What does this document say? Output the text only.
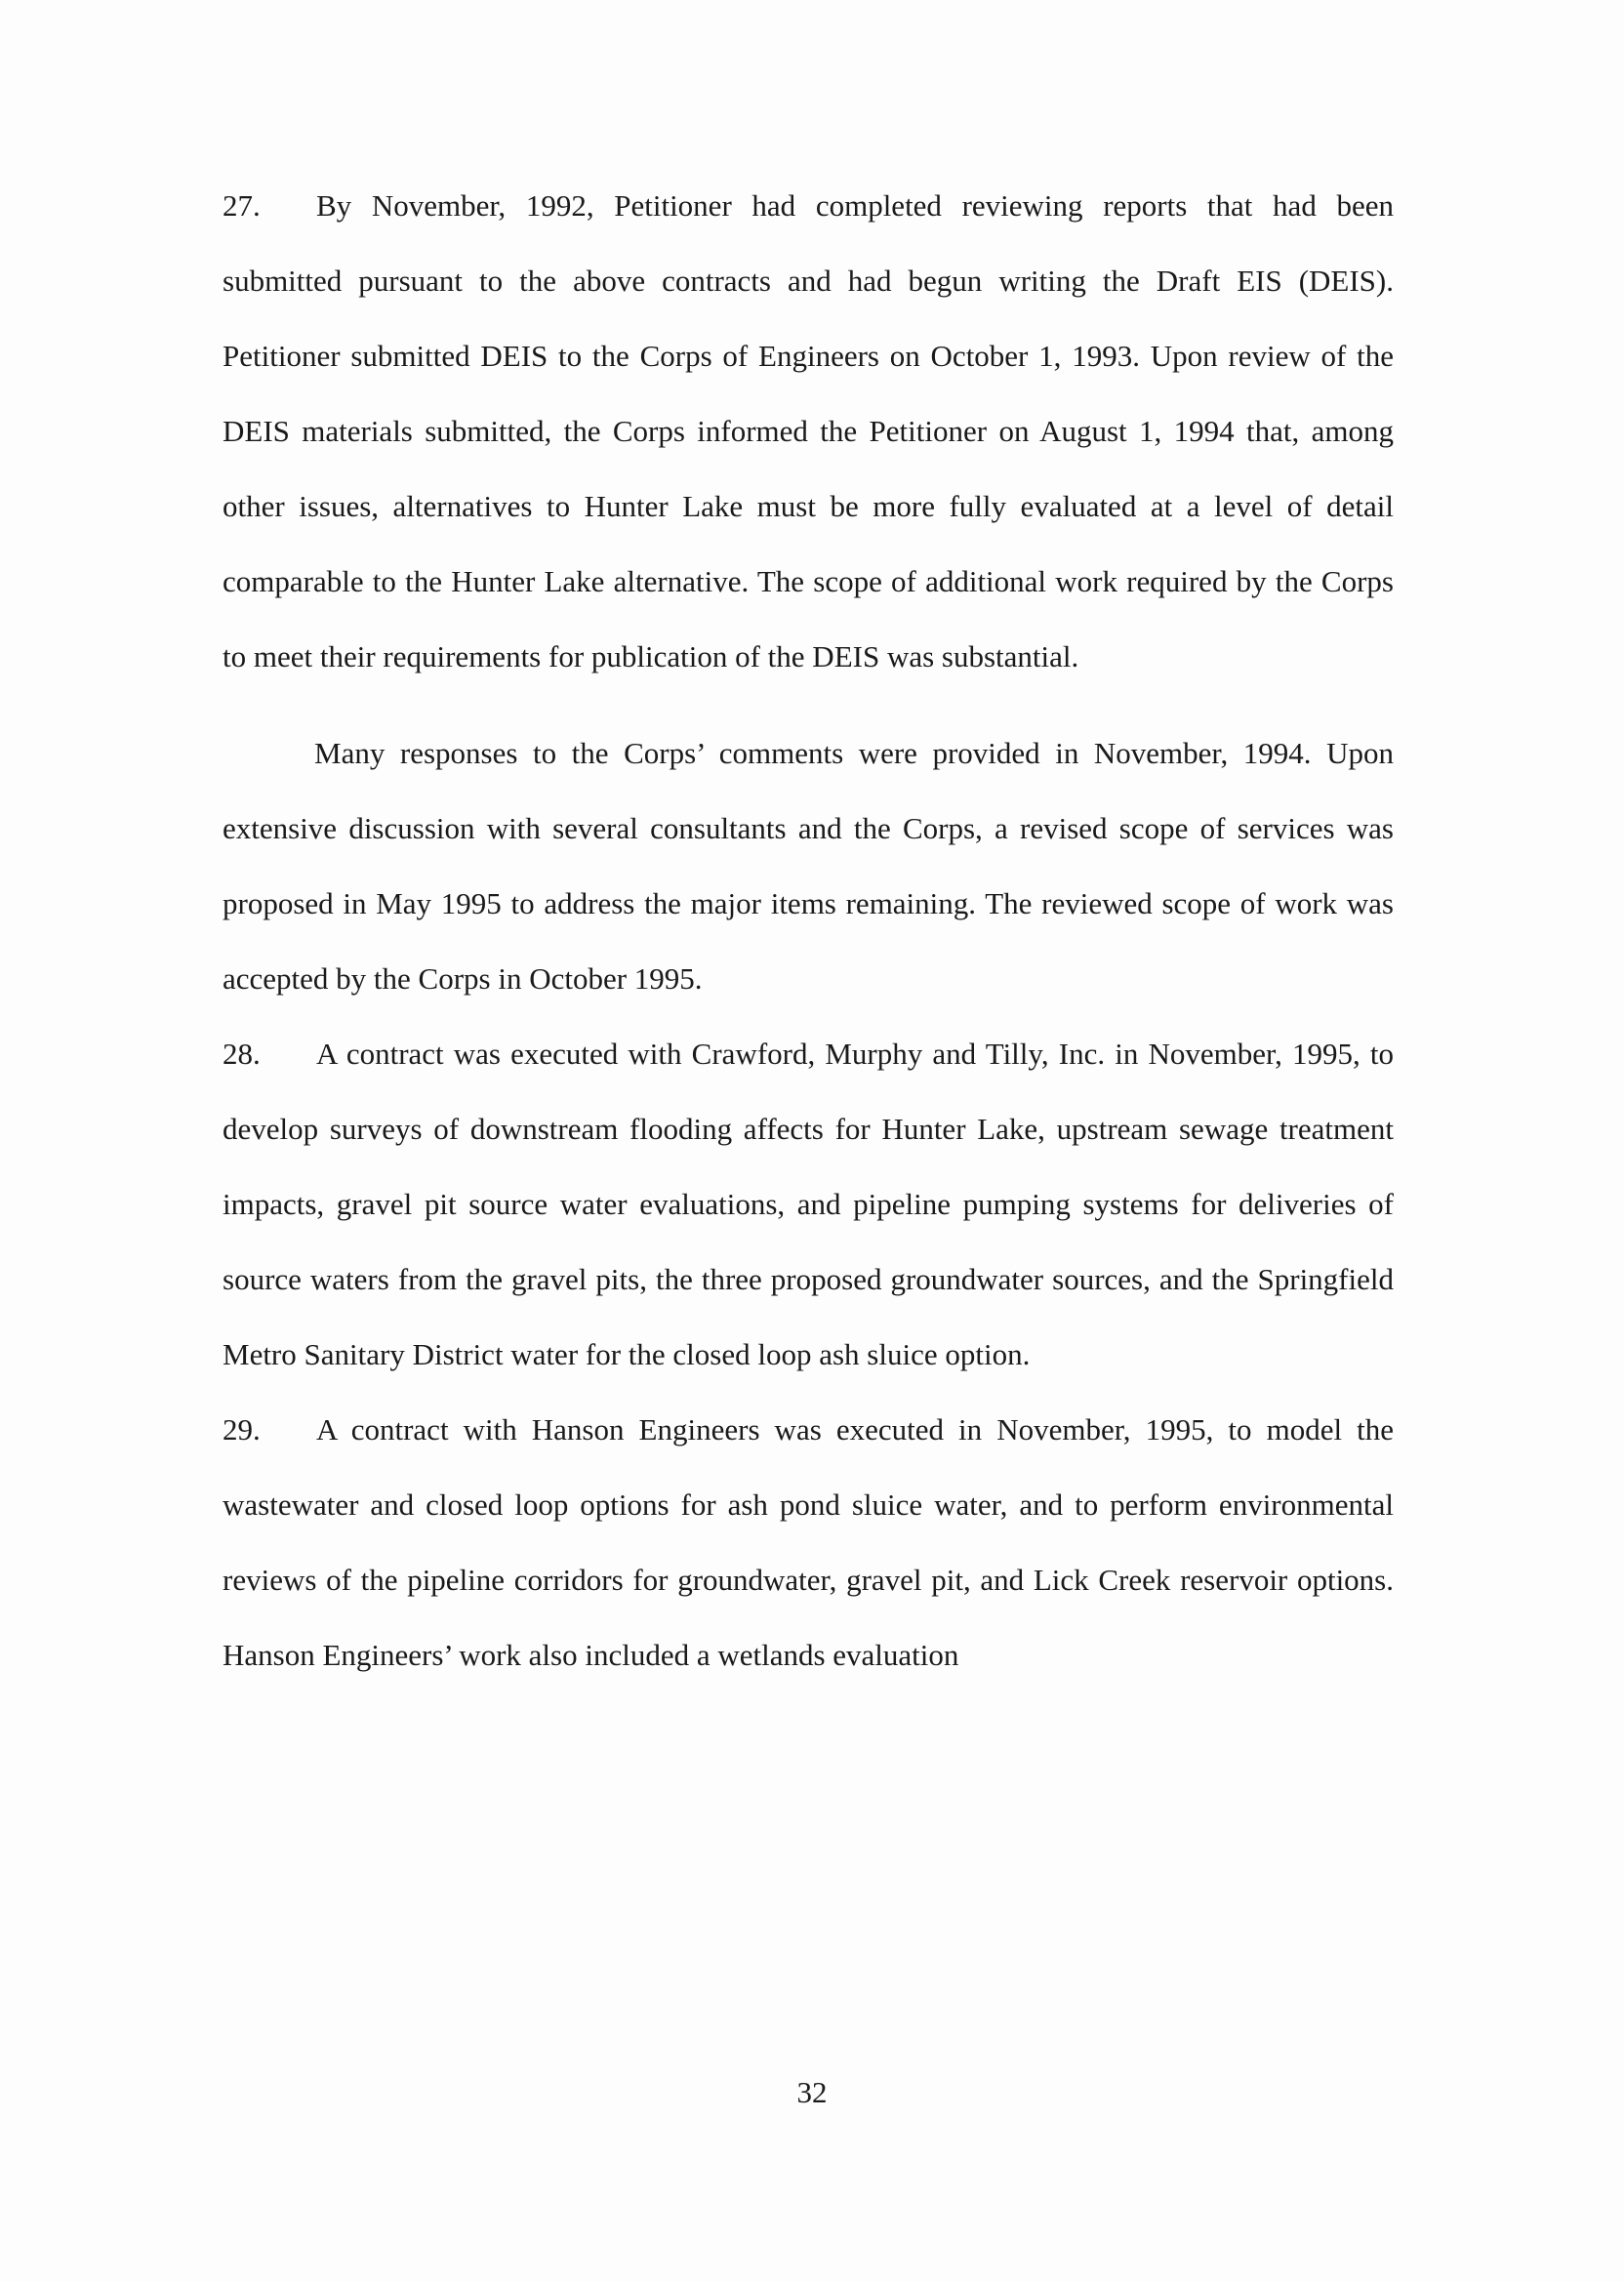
27. By November, 1992, Petitioner had completed reviewing reports that had been submitted pursuant to the above contracts and had begun writing the Draft EIS (DEIS). Petitioner submitted DEIS to the Corps of Engineers on October 1, 1993. Upon review of the DEIS materials submitted, the Corps informed the Petitioner on August 1, 1994 that, among other issues, alternatives to Hunter Lake must be more fully evaluated at a level of detail comparable to the Hunter Lake alternative. The scope of additional work required by the Corps to meet their requirements for publication of the DEIS was substantial.

Many responses to the Corps’ comments were provided in November, 1994. Upon extensive discussion with several consultants and the Corps, a revised scope of services was proposed in May 1995 to address the major items remaining. The reviewed scope of work was accepted by the Corps in October 1995.

28. A contract was executed with Crawford, Murphy and Tilly, Inc. in November, 1995, to develop surveys of downstream flooding affects for Hunter Lake, upstream sewage treatment impacts, gravel pit source water evaluations, and pipeline pumping systems for deliveries of source waters from the gravel pits, the three proposed groundwater sources, and the Springfield Metro Sanitary District water for the closed loop ash sluice option.

29. A contract with Hanson Engineers was executed in November, 1995, to model the wastewater and closed loop options for ash pond sluice water, and to perform environmental reviews of the pipeline corridors for groundwater, gravel pit, and Lick Creek reservoir options. Hanson Engineers’ work also included a wetlands evaluation

32
